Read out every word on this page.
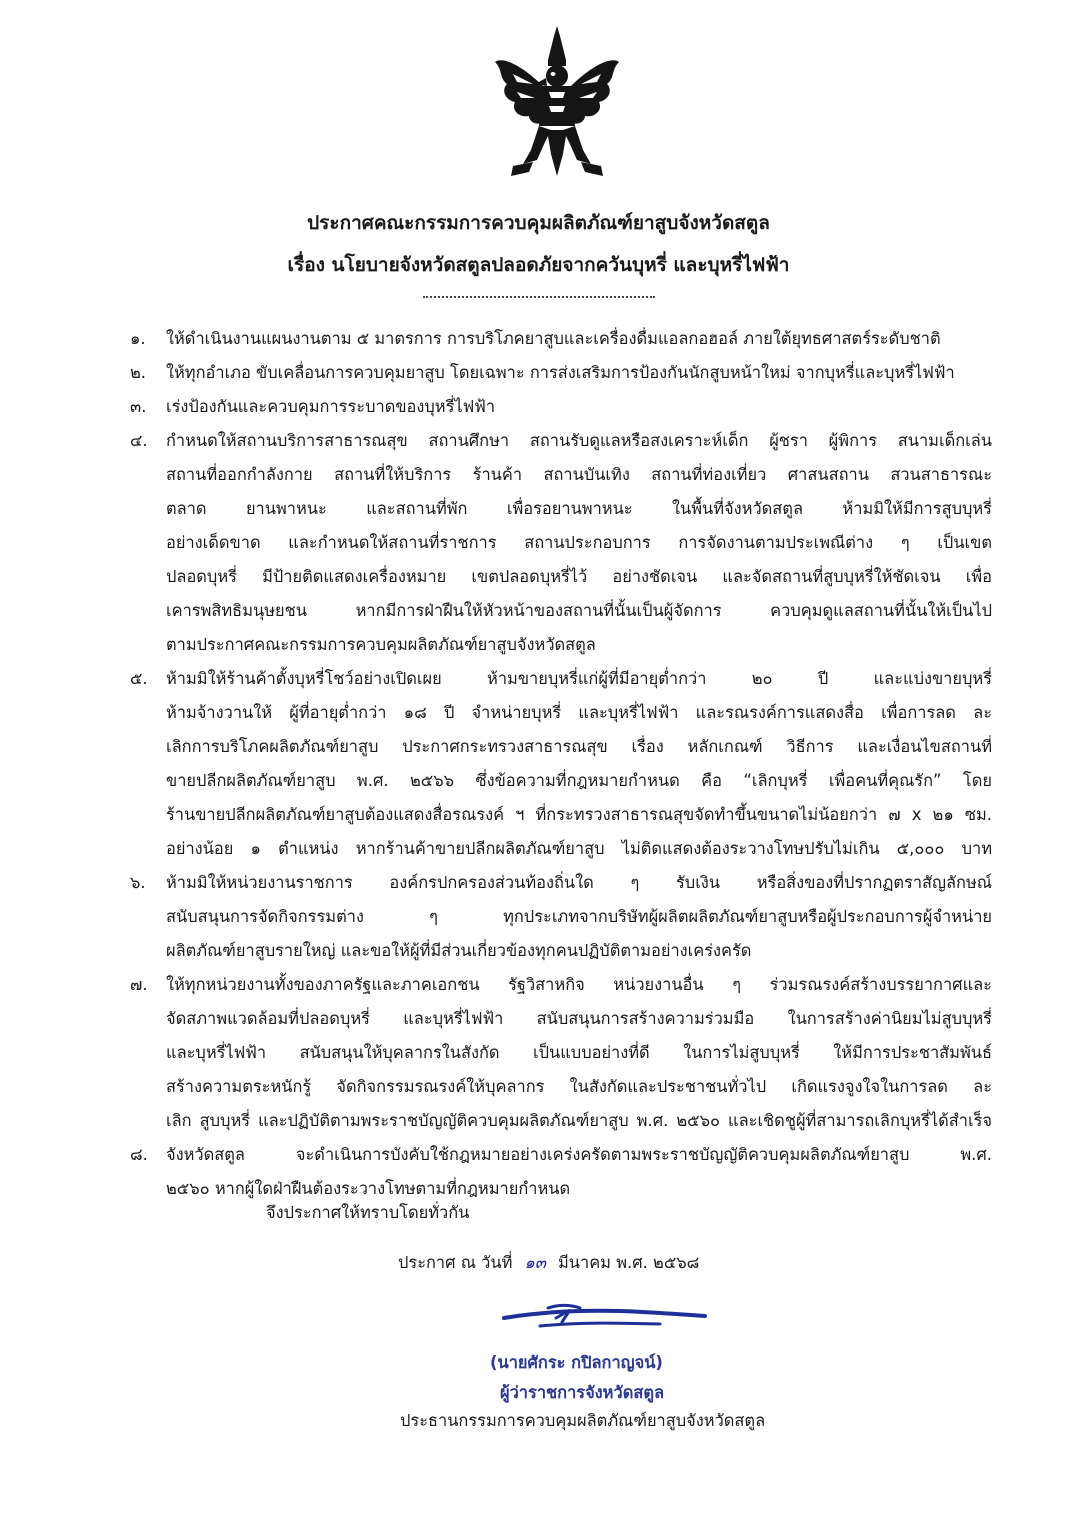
ประกาศคณะกรรมการควบคุมผลิตภัณฑ์ยาสูบจังหวัดสตูล
เรื่อง นโยบายจังหวัดสตูลปลอดภัยจากควันบุหรี่ และบุหรี่ไฟฟ้า
๑.	ให้ดำเนินงานแผนงานตาม ๕ มาตรการ การบริโภคยาสูบและเครื่องดื่มแอลกอฮอล์ ภายใต้ยุทธศาสตร์ระดับชาติ
๒.	ให้ทุกอำเภอ ขับเคลื่อนการควบคุมยาสูบ โดยเฉพาะ การส่งเสริมการป้องกันนักสูบหน้าใหม่ จากบุหรี่และบุหรี่ไฟฟ้า
๓.	เร่งป้องกันและควบคุมการระบาดของบุหรี่ไฟฟ้า
๔.	กำหนดให้สถานบริการสาธารณสุข สถานศึกษา สถานรับดูแลหรือสงเคราะห์เด็ก ผู้ชรา ผู้พิการ สนามเด็กเล่น
สถานที่ออกกำลังกาย สถานที่ให้บริการ ร้านค้า สถานบันเทิง สถานที่ท่องเที่ยว ศาสนสถาน สวนสาธารณะ
ตลาด ยานพาหนะ และสถานที่พัก เพื่อรอยานพาหนะ ในพื้นที่จังหวัดสตูล ห้ามมิให้มีการสูบบุหรี่
อย่างเด็ดขาด และกำหนดให้สถานที่ราชการ สถานประกอบการ การจัดงานตามประเพณีต่าง ๆ เป็นเขต
ปลอดบุหรี่ มีป้ายติดแสดงเครื่องหมาย เขตปลอดบุหรี่ไว้ อย่างชัดเจน และจัดสถานที่สูบบุหรี่ให้ชัดเจน เพื่อ
เคารพสิทธิมนุษยชน หากมีการฝ่าฝืนให้หัวหน้าของสถานที่นั้นเป็นผู้จัดการ ควบคุมดูแลสถานที่นั้นให้เป็นไป
ตามประกาศคณะกรรมการควบคุมผลิตภัณฑ์ยาสูบจังหวัดสตูล
๕.	ห้ามมิให้ร้านค้าตั้งบุหรี่โชว์อย่างเปิดเผย ห้ามขายบุหรี่แก่ผู้ที่มีอายุต่ำกว่า ๒๐ ปี และแบ่งขายบุหรี่
ห้ามจ้างวานให้ ผู้ที่อายุต่ำกว่า ๑๘ ปี จำหน่ายบุหรี่ และบุหรี่ไฟฟ้า และรณรงค์การแสดงสื่อ เพื่อการลด ละ
เลิกการบริโภคผลิตภัณฑ์ยาสูบ ประกาศกระทรวงสาธารณสุข เรื่อง หลักเกณฑ์ วิธีการ และเงื่อนไขสถานที่
ขายปลีกผลิตภัณฑ์ยาสูบ พ.ศ. ๒๕๖๖ ซึ่งข้อความที่กฎหมายกำหนด คือ “เลิกบุหรี่ เพื่อคนที่คุณรัก” โดย
ร้านขายปลีกผลิตภัณฑ์ยาสูบต้องแสดงสื่อรณรงค์ ฯ ที่กระทรวงสาธารณสุขจัดทำขึ้นขนาดไม่น้อยกว่า ๗ x ๒๑ ซม.
อย่างน้อย ๑ ตำแหน่ง หากร้านค้าขายปลีกผลิตภัณฑ์ยาสูบ ไม่ติดแสดงต้องระวางโทษปรับไม่เกิน ๕,๐๐๐ บาท
๖.	ห้ามมิให้หน่วยงานราชการ องค์กรปกครองส่วนท้องถิ่นใด ๆ รับเงิน หรือสิ่งของที่ปรากฏตราสัญลักษณ์
สนับสนุนการจัดกิจกรรมต่าง ๆ ทุกประเภทจากบริษัทผู้ผลิตผลิตภัณฑ์ยาสูบหรือผู้ประกอบการผู้จำหน่าย
ผลิตภัณฑ์ยาสูบรายใหญ่ และขอให้ผู้ที่มีส่วนเกี่ยวข้องทุกคนปฏิบัติตามอย่างเคร่งครัด
๗.	ให้ทุกหน่วยงานทั้งของภาครัฐและภาคเอกชน รัฐวิสาหกิจ หน่วยงานอื่น ๆ ร่วมรณรงค์สร้างบรรยากาศและ
จัดสภาพแวดล้อมที่ปลอดบุหรี่ และบุหรี่ไฟฟ้า สนับสนุนการสร้างความร่วมมือ ในการสร้างค่านิยมไม่สูบบุหรี่
และบุหรี่ไฟฟ้า สนับสนุนให้บุคลากรในสังกัด เป็นแบบอย่างที่ดี ในการไม่สูบบุหรี่ ให้มีการประชาสัมพันธ์
สร้างความตระหนักรู้ จัดกิจกรรมรณรงค์ให้บุคลากร ในสังกัดและประชาชนทั่วไป เกิดแรงจูงใจในการลด ละ
เลิก สูบบุหรี่ และปฏิบัติตามพระราชบัญญัติควบคุมผลิตภัณฑ์ยาสูบ พ.ศ. ๒๕๖๐ และเชิดชูผู้ที่สามารถเลิกบุหรี่ได้สำเร็จ
๘.	จังหวัดสตูล จะดำเนินการบังคับใช้กฎหมายอย่างเคร่งครัดตามพระราชบัญญัติควบคุมผลิตภัณฑ์ยาสูบ พ.ศ.
๒๕๖๐ หากผู้ใดฝ่าฝืนต้องระวางโทษตามที่กฎหมายกำหนด
จึงประกาศให้ทราบโดยทั่วกัน
ประกาศ ณ วันที่ ๑๓ มีนาคม พ.ศ. ๒๕๖๘
(นายศักระ กปิลกาญจน์)
ผู้ว่าราชการจังหวัดสตูล
ประธานกรรมการควบคุมผลิตภัณฑ์ยาสูบจังหวัดสตูล
